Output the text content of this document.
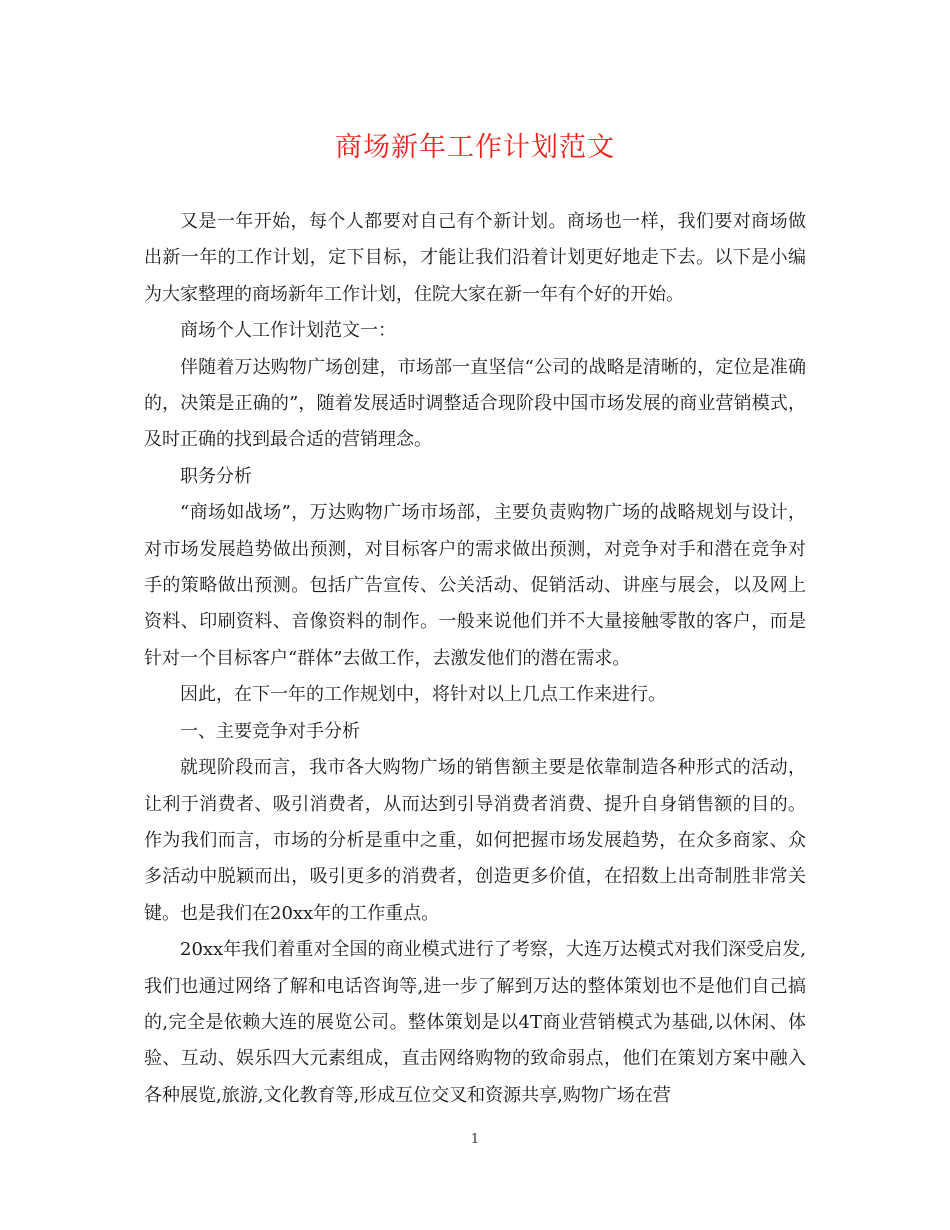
商场新年工作计划范文

又是一年开始，每个人都要对自己有个新计划。商场也一样，我们要对商场做出新一年的工作计划，定下目标，才能让我们沿着计划更好地走下去。以下是小编为大家整理的商场新年工作计划，住院大家在新一年有个好的开始。

商场个人工作计划范文一：

伴随着万达购物广场创建，市场部一直坚信“公司的战略是清晰的，定位是准确的，决策是正确的”，随着发展适时调整适合现阶段中国市场发展的商业营销模式，及时正确的找到最合适的营销理念。

职务分析

“商场如战场”，万达购物广场市场部，主要负责购物广场的战略规划与设计，对市场发展趋势做出预测，对目标客户的需求做出预测，对竞争对手和潜在竞争对手的策略做出预测。包括广告宣传、公关活动、促销活动、讲座与展会，以及网上资料、印刷资料、音像资料的制作。一般来说他们并不大量接触零散的客户，而是针对一个目标客户“群体”去做工作，去激发他们的潜在需求。

因此，在下一年的工作规划中，将针对以上几点工作来进行。

一、主要竞争对手分析

就现阶段而言，我市各大购物广场的销售额主要是依靠制造各种形式的活动，让利于消费者、吸引消费者，从而达到引导消费者消费、提升自身销售额的目的。作为我们而言，市场的分析是重中之重，如何把握市场发展趋势，在众多商家、众多活动中脱颖而出，吸引更多的消费者，创造更多价值，在招数上出奇制胜非常关键。也是我们在20xx年的工作重点。

20xx年我们着重对全国的商业模式进行了考察，大连万达模式对我们深受启发,我们也通过网络了解和电话咨询等,进一步了解到万达的整体策划也不是他们自己搞的,完全是依赖大连的展览公司。整体策划是以4T商业营销模式为基础,以休闲、体验、互动、娱乐四大元素组成，直击网络购物的致命弱点，他们在策划方案中融入各种展览,旅游,文化教育等,形成互位交叉和资源共享,购物广场在营

1
